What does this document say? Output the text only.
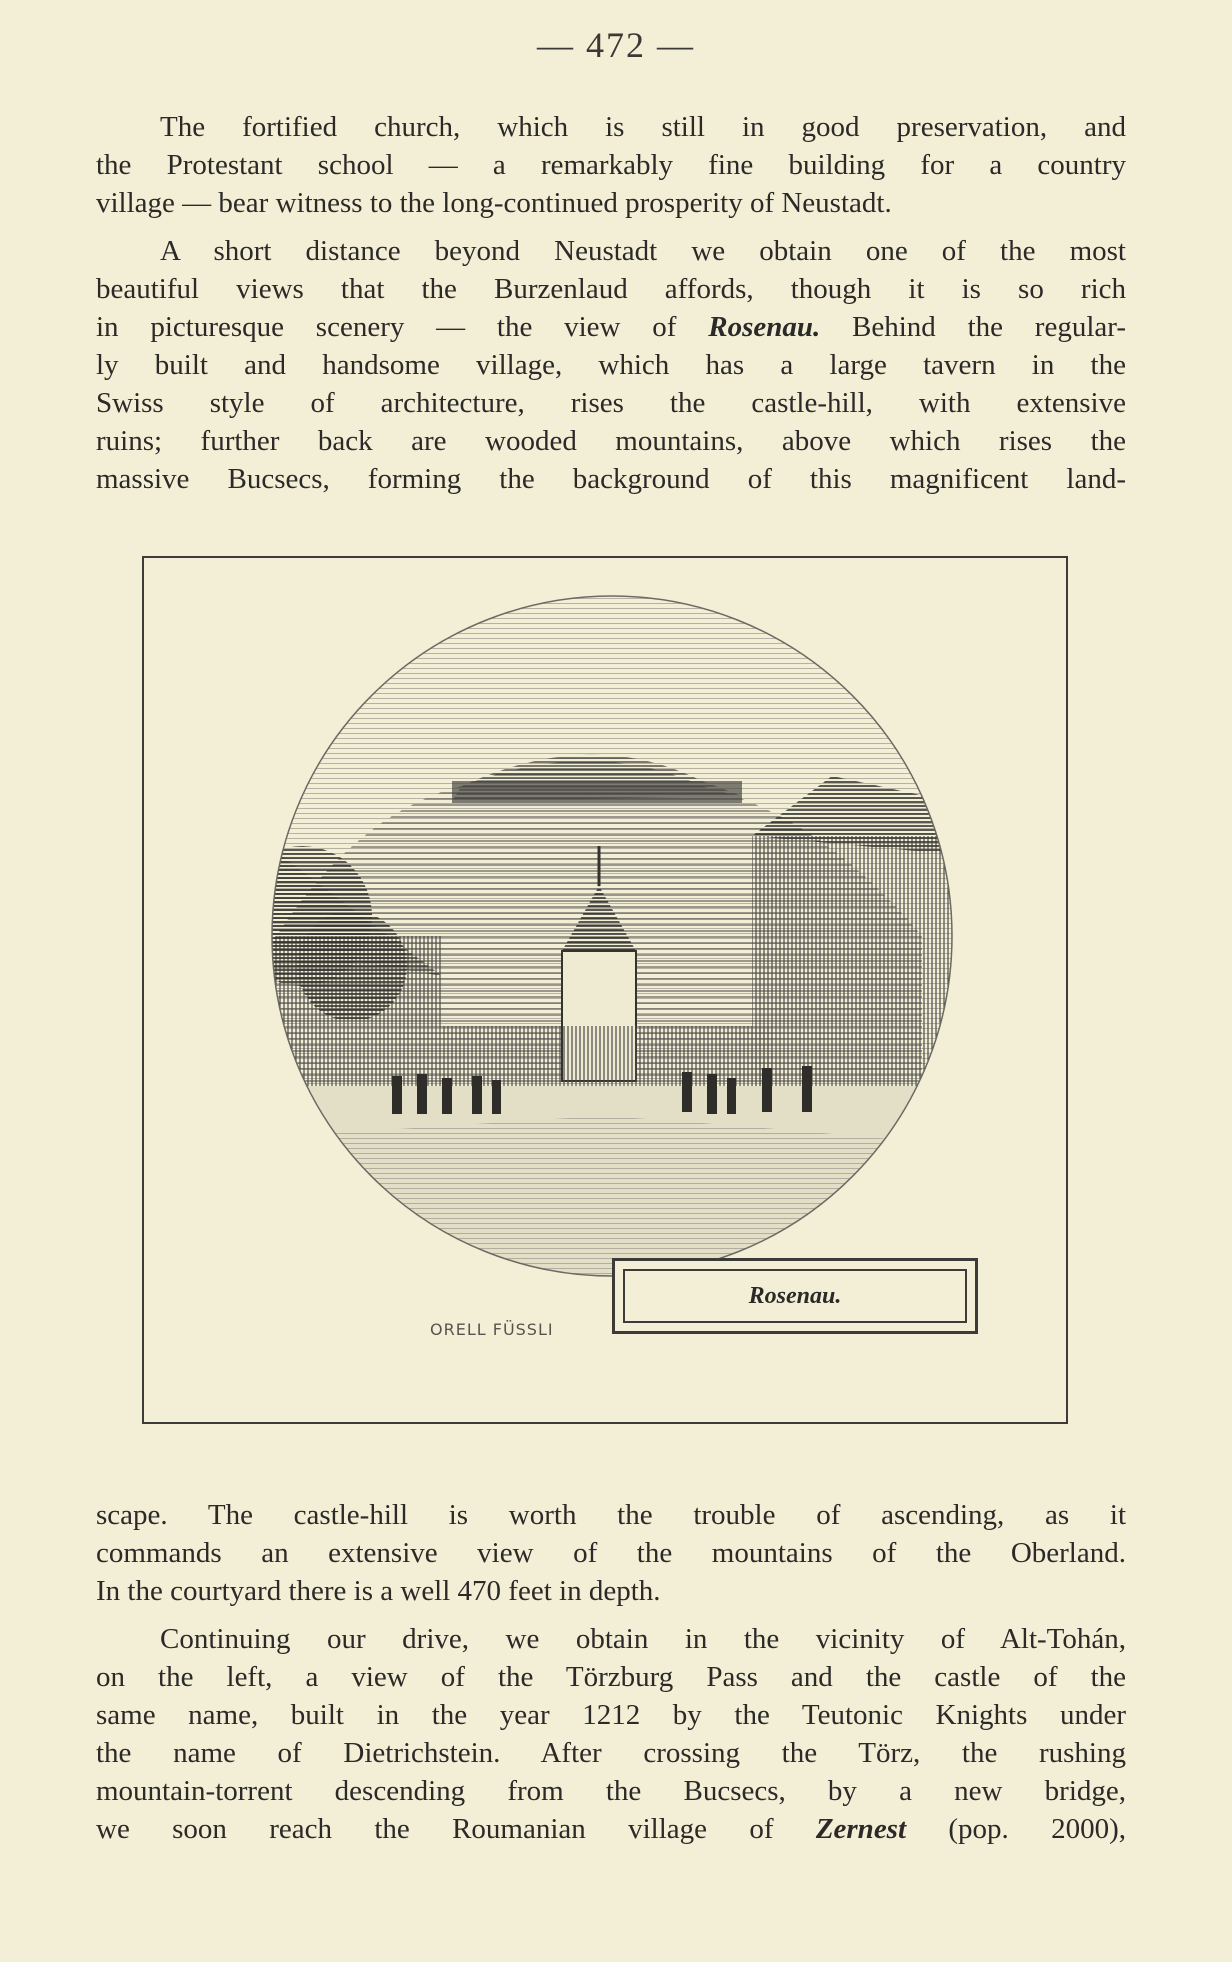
— 472 —

The fortified church, which is still in good preservation, and
the Protestant school — a remarkably fine building for a country
village — bear witness to the long-continued prosperity of Neustadt.

A short distance beyond Neustadt we obtain one of the most
beautiful views that the Burzenlaud affords, though it is so rich
in picturesque scenery — the view of Rosenau. Behind the regular-
ly built and handsome village, which has a large tavern in the
Swiss style of architecture, rises the castle-hill, with extensive
ruins; further back are wooded mountains, above which rises the
massive Bucsecs, forming the background of this magnificent land-

Rosenau.
ORELL FÜSSLI

scape. The castle-hill is worth the trouble of ascending, as it
commands an extensive view of the mountains of the Oberland.
In the courtyard there is a well 470 feet in depth.

Continuing our drive, we obtain in the vicinity of Alt-Tohán,
on the left, a view of the Törzburg Pass and the castle of the
same name, built in the year 1212 by the Teutonic Knights under
the name of Dietrichstein. After crossing the Törz, the rushing
mountain-torrent descending from the Bucsecs, by a new bridge,
we soon reach the Roumanian village of Zernest (pop. 2000),
